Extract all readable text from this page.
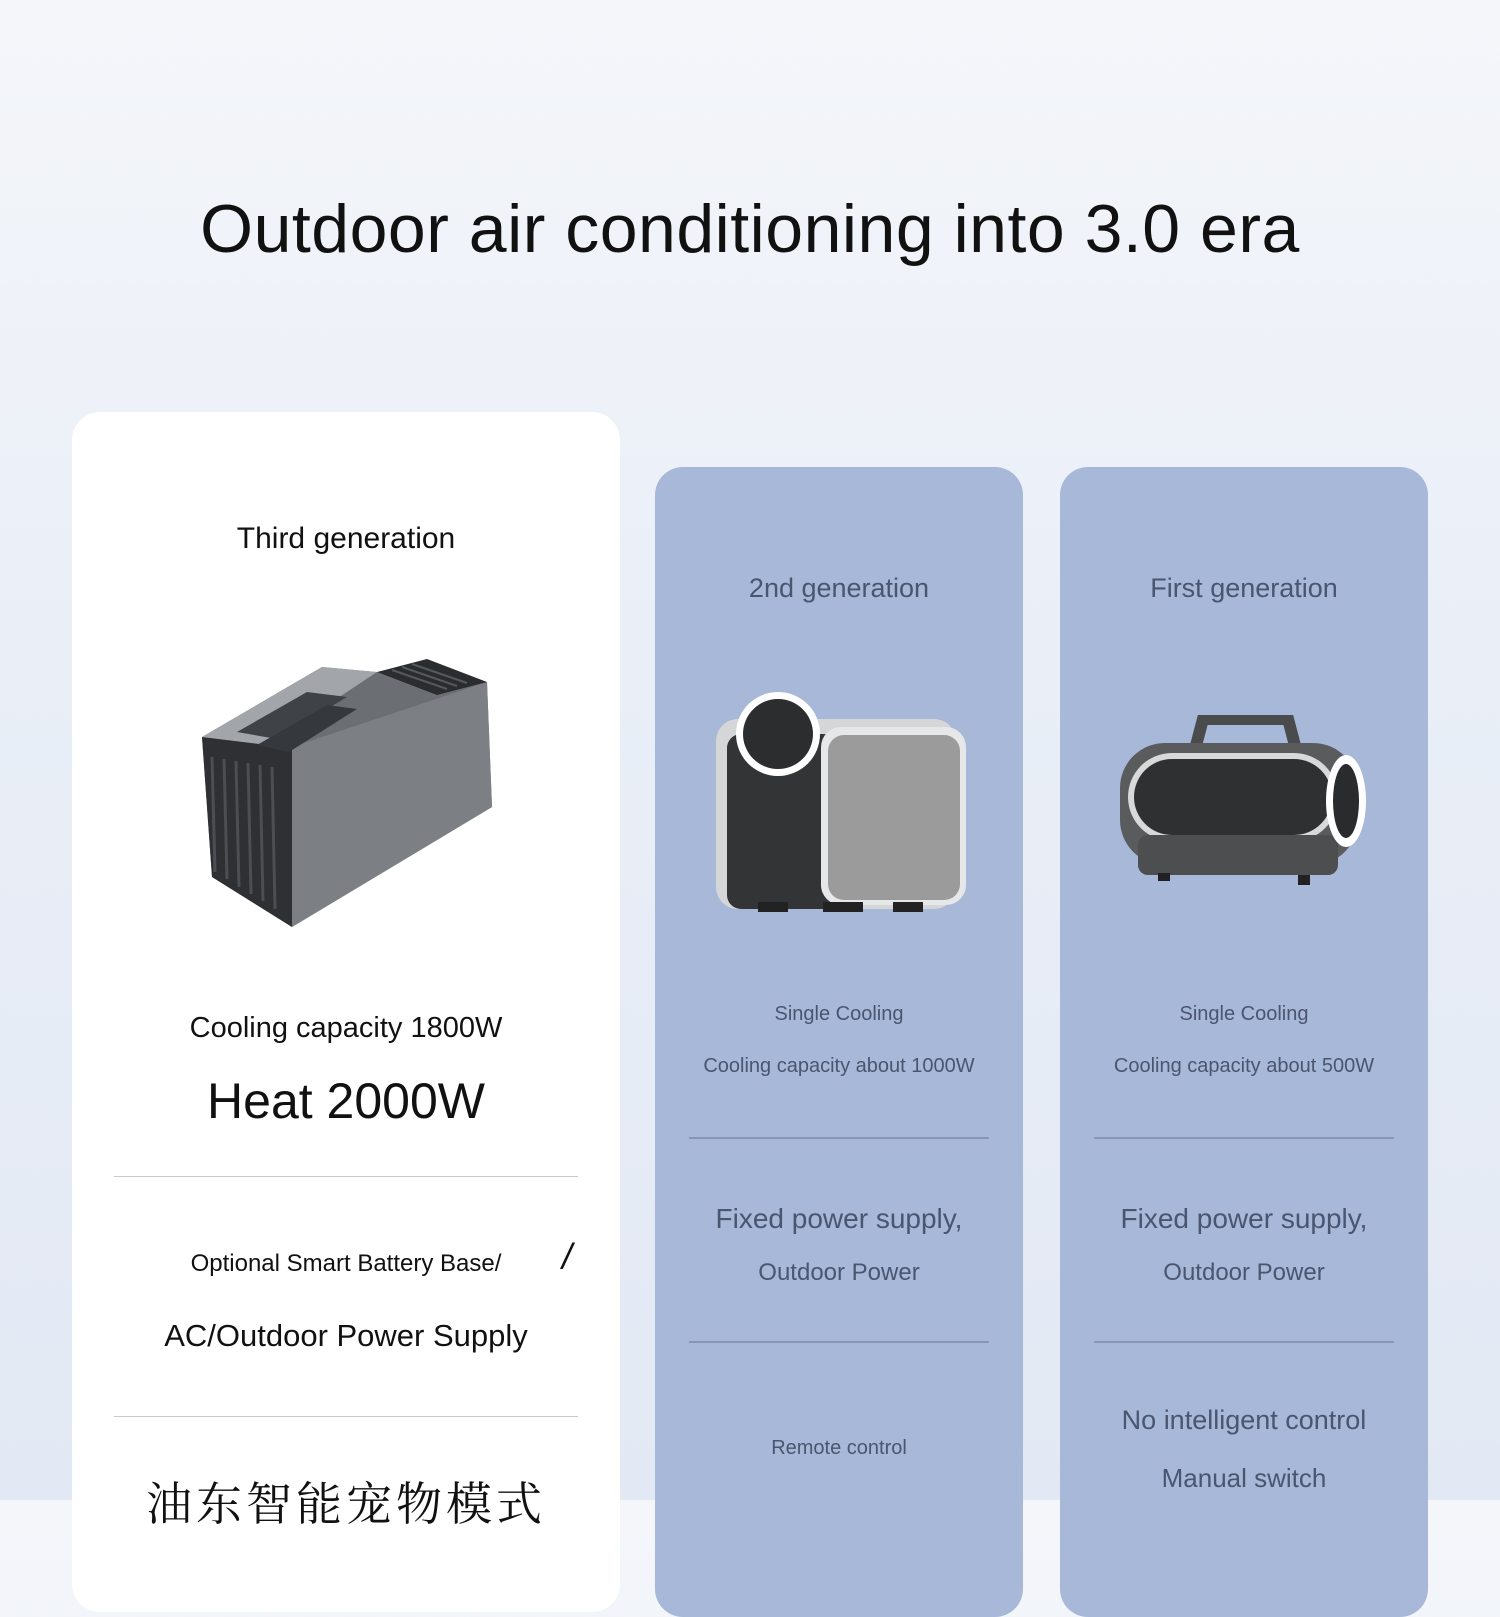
Outdoor air conditioning into 3.0 era
Third generation
Cooling capacity 1800W
Heat 2000W
Optional Smart Battery Base/	/
AC/Outdoor Power Supply
油东智能宠物模式
2nd generation
Single Cooling
Cooling capacity about 1000W
Fixed power supply,
Outdoor Power
Remote control
First generation
Single Cooling
Cooling capacity about 500W
Fixed power supply,
Outdoor Power
No intelligent control
Manual switch
